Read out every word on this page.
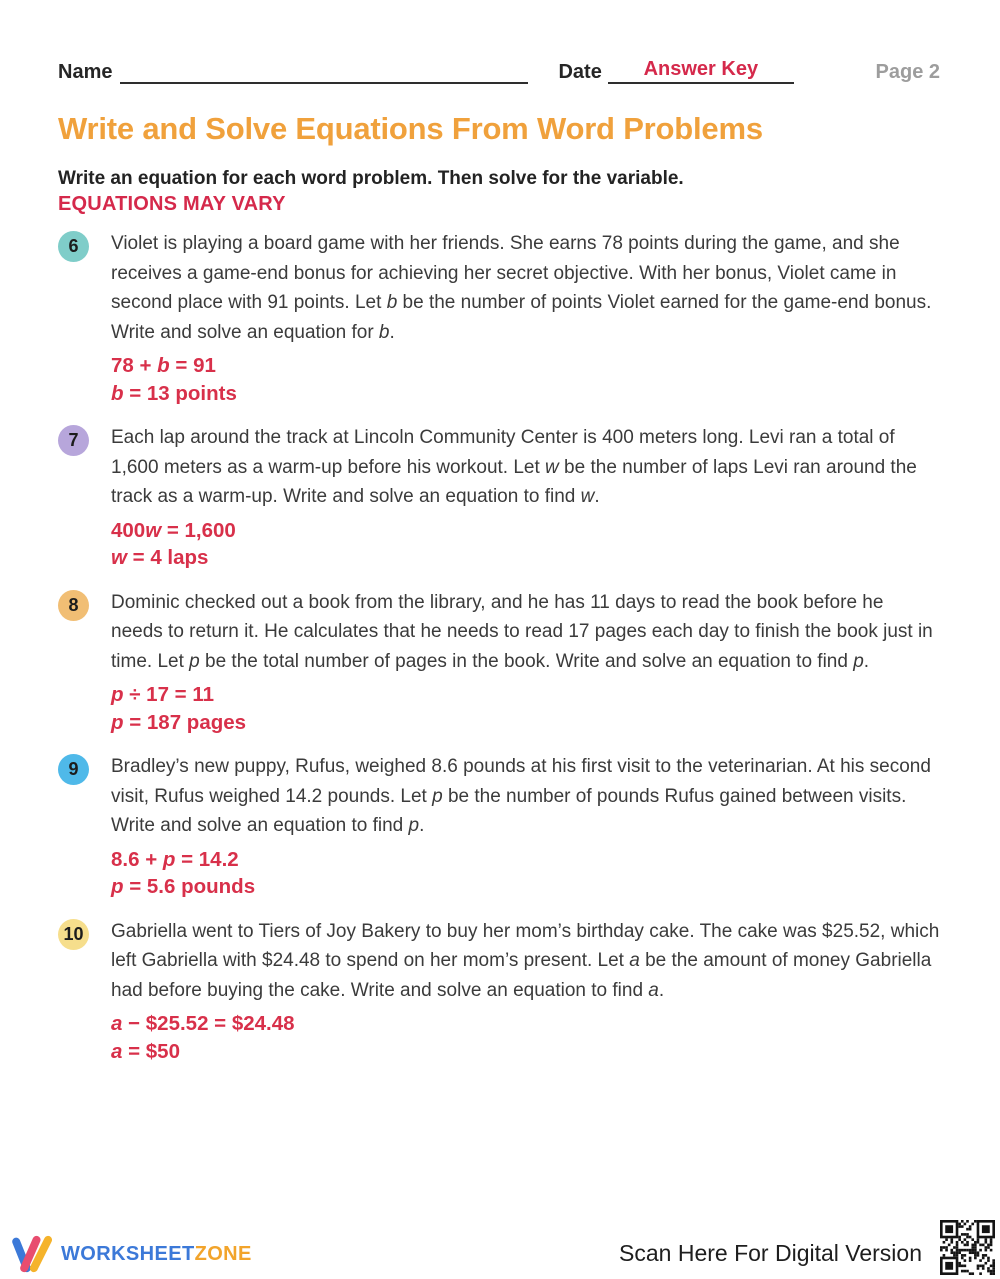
Name	Date	Answer Key	Page 2
Write and Solve Equations From Word Problems
Write an equation for each word problem. Then solve for the variable.
EQUATIONS MAY VARY
6 Violet is playing a board game with her friends. She earns 78 points during the game, and she receives a game-end bonus for achieving her secret objective. With her bonus, Violet came in second place with 91 points. Let b be the number of points Violet earned for the game-end bonus. Write and solve an equation for b.

78 + b = 91
b = 13 points
7 Each lap around the track at Lincoln Community Center is 400 meters long. Levi ran a total of 1,600 meters as a warm-up before his workout. Let w be the number of laps Levi ran around the track as a warm-up. Write and solve an equation to find w.

400w = 1,600
w = 4 laps
8 Dominic checked out a book from the library, and he has 11 days to read the book before he needs to return it. He calculates that he needs to read 17 pages each day to finish the book just in time. Let p be the total number of pages in the book. Write and solve an equation to find p.

p ÷ 17 = 11
p = 187 pages
9 Bradley’s new puppy, Rufus, weighed 8.6 pounds at his first visit to the veterinarian. At his second visit, Rufus weighed 14.2 pounds. Let p be the number of pounds Rufus gained between visits. Write and solve an equation to find p.

8.6 + p = 14.2
p = 5.6 pounds
10 Gabriella went to Tiers of Joy Bakery to buy her mom’s birthday cake. The cake was $25.52, which left Gabriella with $24.48 to spend on her mom’s present. Let a be the amount of money Gabriella had before buying the cake. Write and solve an equation to find a.

a − $25.52 = $24.48
a = $50
WORKSHEETZONE	Scan Here For Digital Version
